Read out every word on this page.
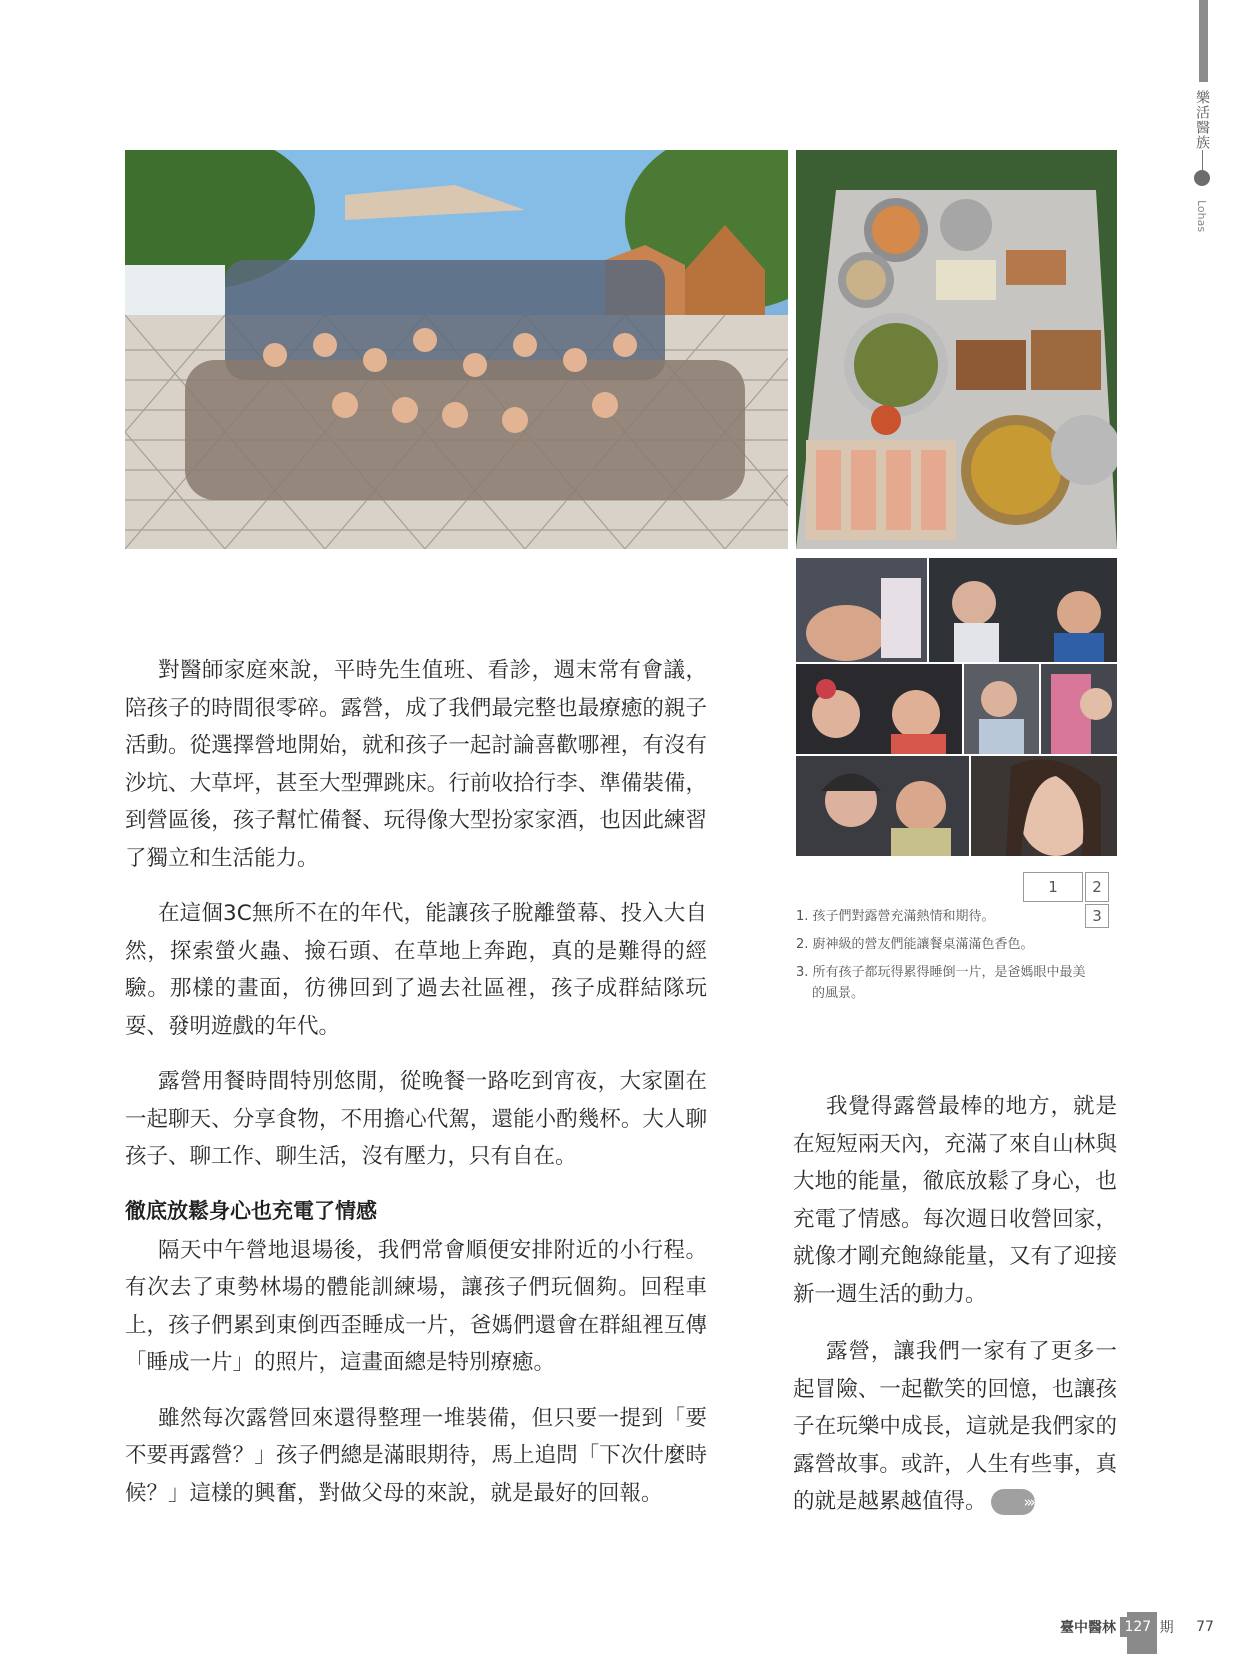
樂活醫族
Lohas
1	2
3

1. 孩子們對露營充滿熱情和期待。

2. 廚神級的營友們能讓餐桌滿滿色香色。

3. 所有孩子都玩得累得睡倒一片，是爸媽眼中最美的風景。

對醫師家庭來說，平時先生值班、看診，週末常有會議，陪孩子的時間很零碎。露營，成了我們最完整也最療癒的親子活動。從選擇營地開始，就和孩子一起討論喜歡哪裡，有沒有沙坑、大草坪，甚至大型彈跳床。行前收拾行李、準備裝備，到營區後，孩子幫忙備餐、玩得像大型扮家家酒，也因此練習了獨立和生活能力。

在這個3C無所不在的年代，能讓孩子脫離螢幕、投入大自然，探索螢火蟲、撿石頭、在草地上奔跑，真的是難得的經驗。那樣的畫面，彷彿回到了過去社區裡，孩子成群結隊玩耍、發明遊戲的年代。

露營用餐時間特別悠閒，從晚餐一路吃到宵夜，大家圍在一起聊天、分享食物，不用擔心代駕，還能小酌幾杯。大人聊孩子、聊工作、聊生活，沒有壓力，只有自在。

徹底放鬆身心也充電了情感

隔天中午營地退場後，我們常會順便安排附近的小行程。有次去了東勢林場的體能訓練場，讓孩子們玩個夠。回程車上，孩子們累到東倒西歪睡成一片，爸媽們還會在群組裡互傳「睡成一片」的照片，這畫面總是特別療癒。

雖然每次露營回來還得整理一堆裝備，但只要一提到「要不要再露營？」孩子們總是滿眼期待，馬上追問「下次什麼時候？」這樣的興奮，對做父母的來說，就是最好的回報。

我覺得露營最棒的地方，就是在短短兩天內，充滿了來自山林與大地的能量，徹底放鬆了身心，也充電了情感。每次週日收營回家，就像才剛充飽綠能量，又有了迎接新一週生活的動力。

露營，讓我們一家有了更多一起冒險、一起歡笑的回憶，也讓孩子在玩樂中成長，這就是我們家的露營故事。或許，人生有些事，真的就是越累越值得。 »»

臺中醫林 127 期 77
